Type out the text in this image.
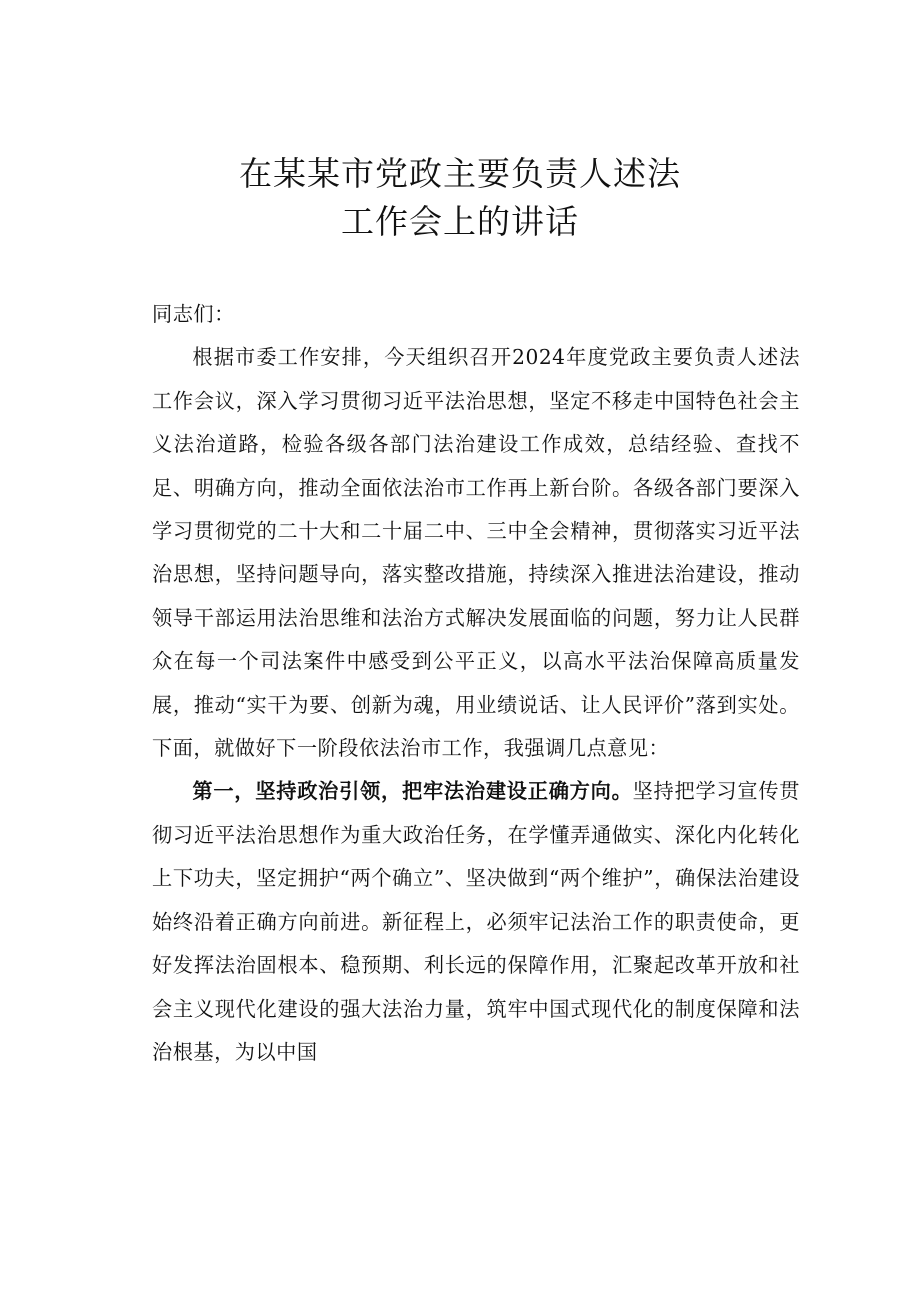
在某某市党政主要负责人述法
工作会上的讲话

同志们：

根据市委工作安排，今天组织召开2024年度党政主要负责人述法工作会议，深入学习贯彻习近平法治思想，坚定不移走中国特色社会主义法治道路，检验各级各部门法治建设工作成效，总结经验、查找不足、明确方向，推动全面依法治市工作再上新台阶。各级各部门要深入学习贯彻党的二十大和二十届二中、三中全会精神，贯彻落实习近平法治思想，坚持问题导向，落实整改措施，持续深入推进法治建设，推动领导干部运用法治思维和法治方式解决发展面临的问题，努力让人民群众在每一个司法案件中感受到公平正义，以高水平法治保障高质量发展，推动“实干为要、创新为魂，用业绩说话、让人民评价”落到实处。下面，就做好下一阶段依法治市工作，我强调几点意见：

第一，坚持政治引领，把牢法治建设正确方向。坚持把学习宣传贯彻习近平法治思想作为重大政治任务，在学懂弄通做实、深化内化转化上下功夫，坚定拥护“两个确立”、坚决做到“两个维护”，确保法治建设始终沿着正确方向前进。新征程上，必须牢记法治工作的职责使命，更好发挥法治固根本、稳预期、利长远的保障作用，汇聚起改革开放和社会主义现代化建设的强大法治力量，筑牢中国式现代化的制度保障和法治根基，为以中国
